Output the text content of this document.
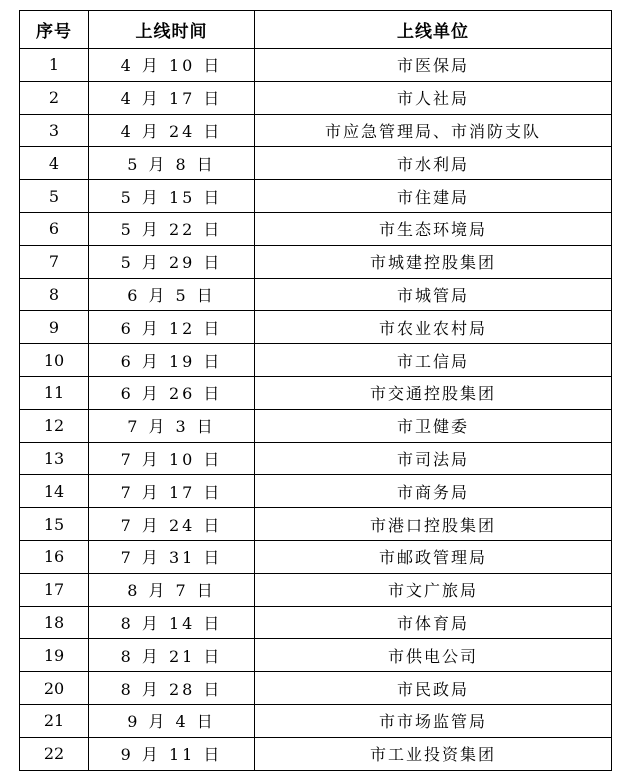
序号	上线时间	上线单位
1	4 月 10 日	市医保局
2	4 月 17 日	市人社局
3	4 月 24 日	市应急管理局、市消防支队
4	5 月 8 日	市水利局
5	5 月 15 日	市住建局
6	5 月 22 日	市生态环境局
7	5 月 29 日	市城建控股集团
8	6 月 5 日	市城管局
9	6 月 12 日	市农业农村局
10	6 月 19 日	市工信局
11	6 月 26 日	市交通控股集团
12	7 月 3 日	市卫健委
13	7 月 10 日	市司法局
14	7 月 17 日	市商务局
15	7 月 24 日	市港口控股集团
16	7 月 31 日	市邮政管理局
17	8 月 7 日	市文广旅局
18	8 月 14 日	市体育局
19	8 月 21 日	市供电公司
20	8 月 28 日	市民政局
21	9 月 4 日	市市场监管局
22	9 月 11 日	市工业投资集团
